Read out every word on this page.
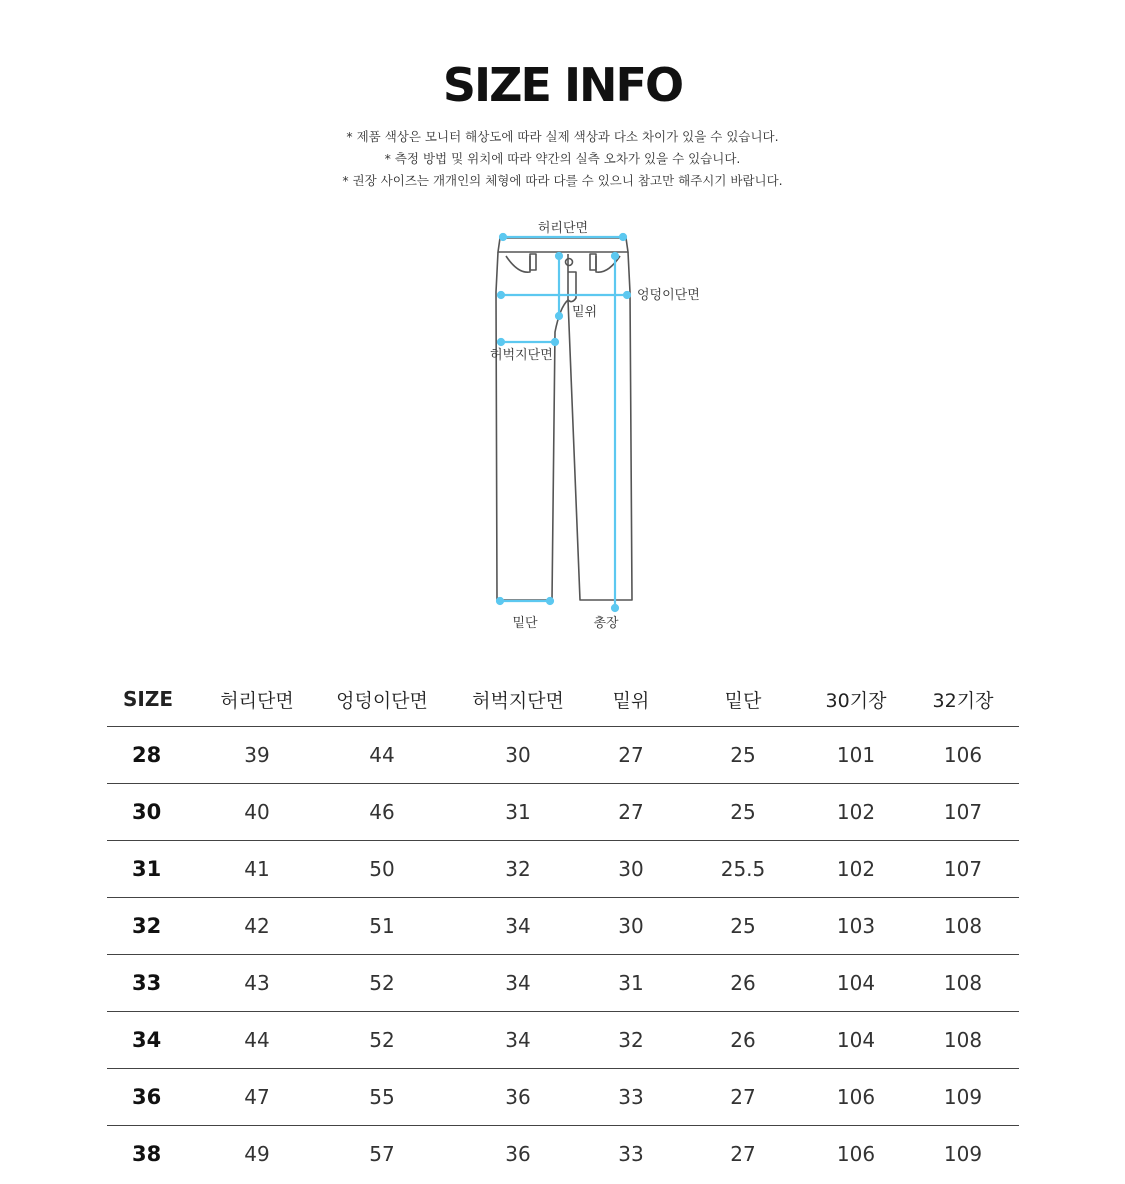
SIZE INFO
* 제품 색상은 모니터 해상도에 따라 실제 색상과 다소 차이가 있을 수 있습니다.
* 측정 방법 및 위치에 따라 약간의 실측 오차가 있을 수 있습니다.
* 권장 사이즈는 개개인의 체형에 따라 다를 수 있으니 참고만 해주시기 바랍니다.
허리단면
엉덩이단면
밑위
허벅지단면
밑단	총장
SIZE	허리단면	엉덩이단면	허벅지단면	밑위	밑단	30기장	32기장
28	39	44	30	27	25	101	106
30	40	46	31	27	25	102	107
31	41	50	32	30	25.5	102	107
32	42	51	34	30	25	103	108
33	43	52	34	31	26	104	108
34	44	52	34	32	26	104	108
36	47	55	36	33	27	106	109
38	49	57	36	33	27	106	109
